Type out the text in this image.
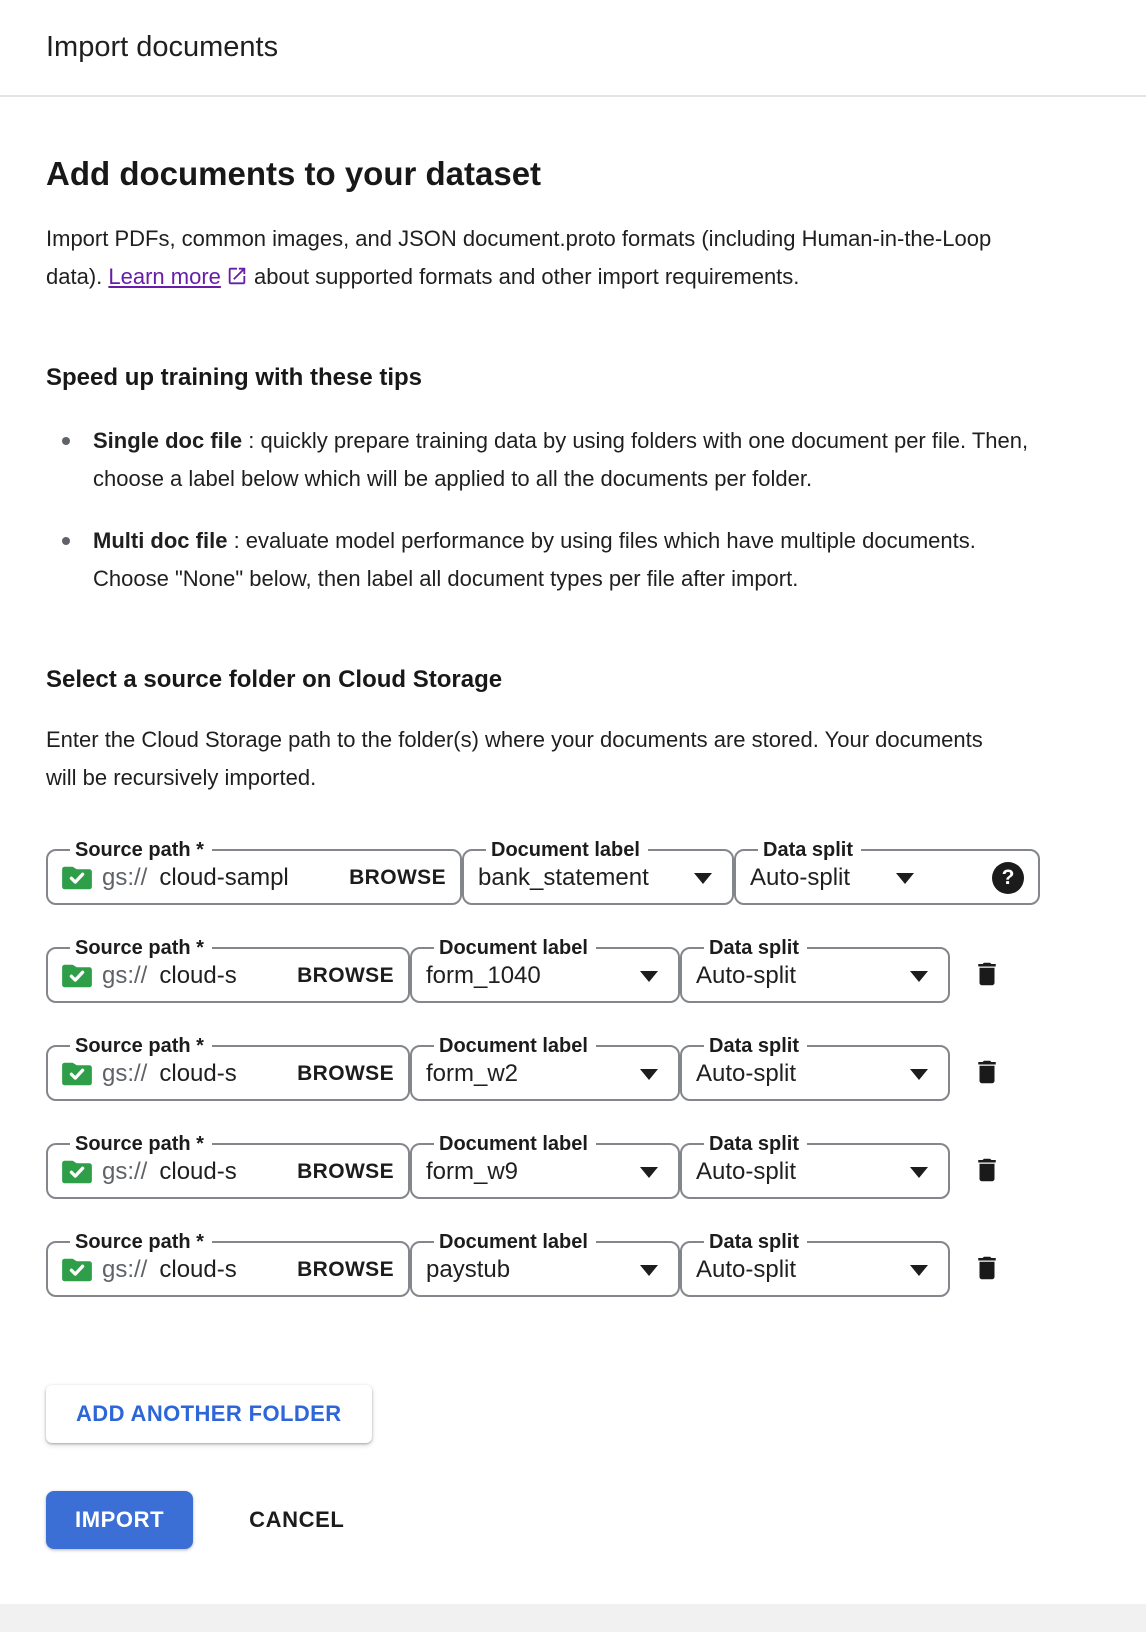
Import documents
Add documents to your dataset

Import PDFs, common images, and JSON document.proto formats (including Human-in-the-Loop data). Learn more about supported formats and other import requirements.

Speed up training with these tips
Single doc file : quickly prepare training data by using folders with one document per file. Then, choose a label below which will be applied to all the documents per folder.
Multi doc file : evaluate model performance by using files which have multiple documents. Choose "None" below, then label all document types per file after import.
Select a source folder on Cloud Storage

Enter the Cloud Storage path to the folder(s) where your documents are stored. Your documents will be recursively imported.

Source path *
gs://
cloud-sampl	BROWSE
Document label
bank_statement
Data split
Auto-split
?
Source path *
gs://
cloud-s	BROWSE
Document label
form_1040
Data split
Auto-split
Source path *
gs://
cloud-s	BROWSE
Document label
form_w2
Data split
Auto-split
Source path *
gs://
cloud-s	BROWSE
Document label
form_w9
Data split
Auto-split
Source path *
gs://
cloud-s	BROWSE
Document label
paystub
Data split
Auto-split
ADD ANOTHER FOLDER
IMPORT	CANCEL
